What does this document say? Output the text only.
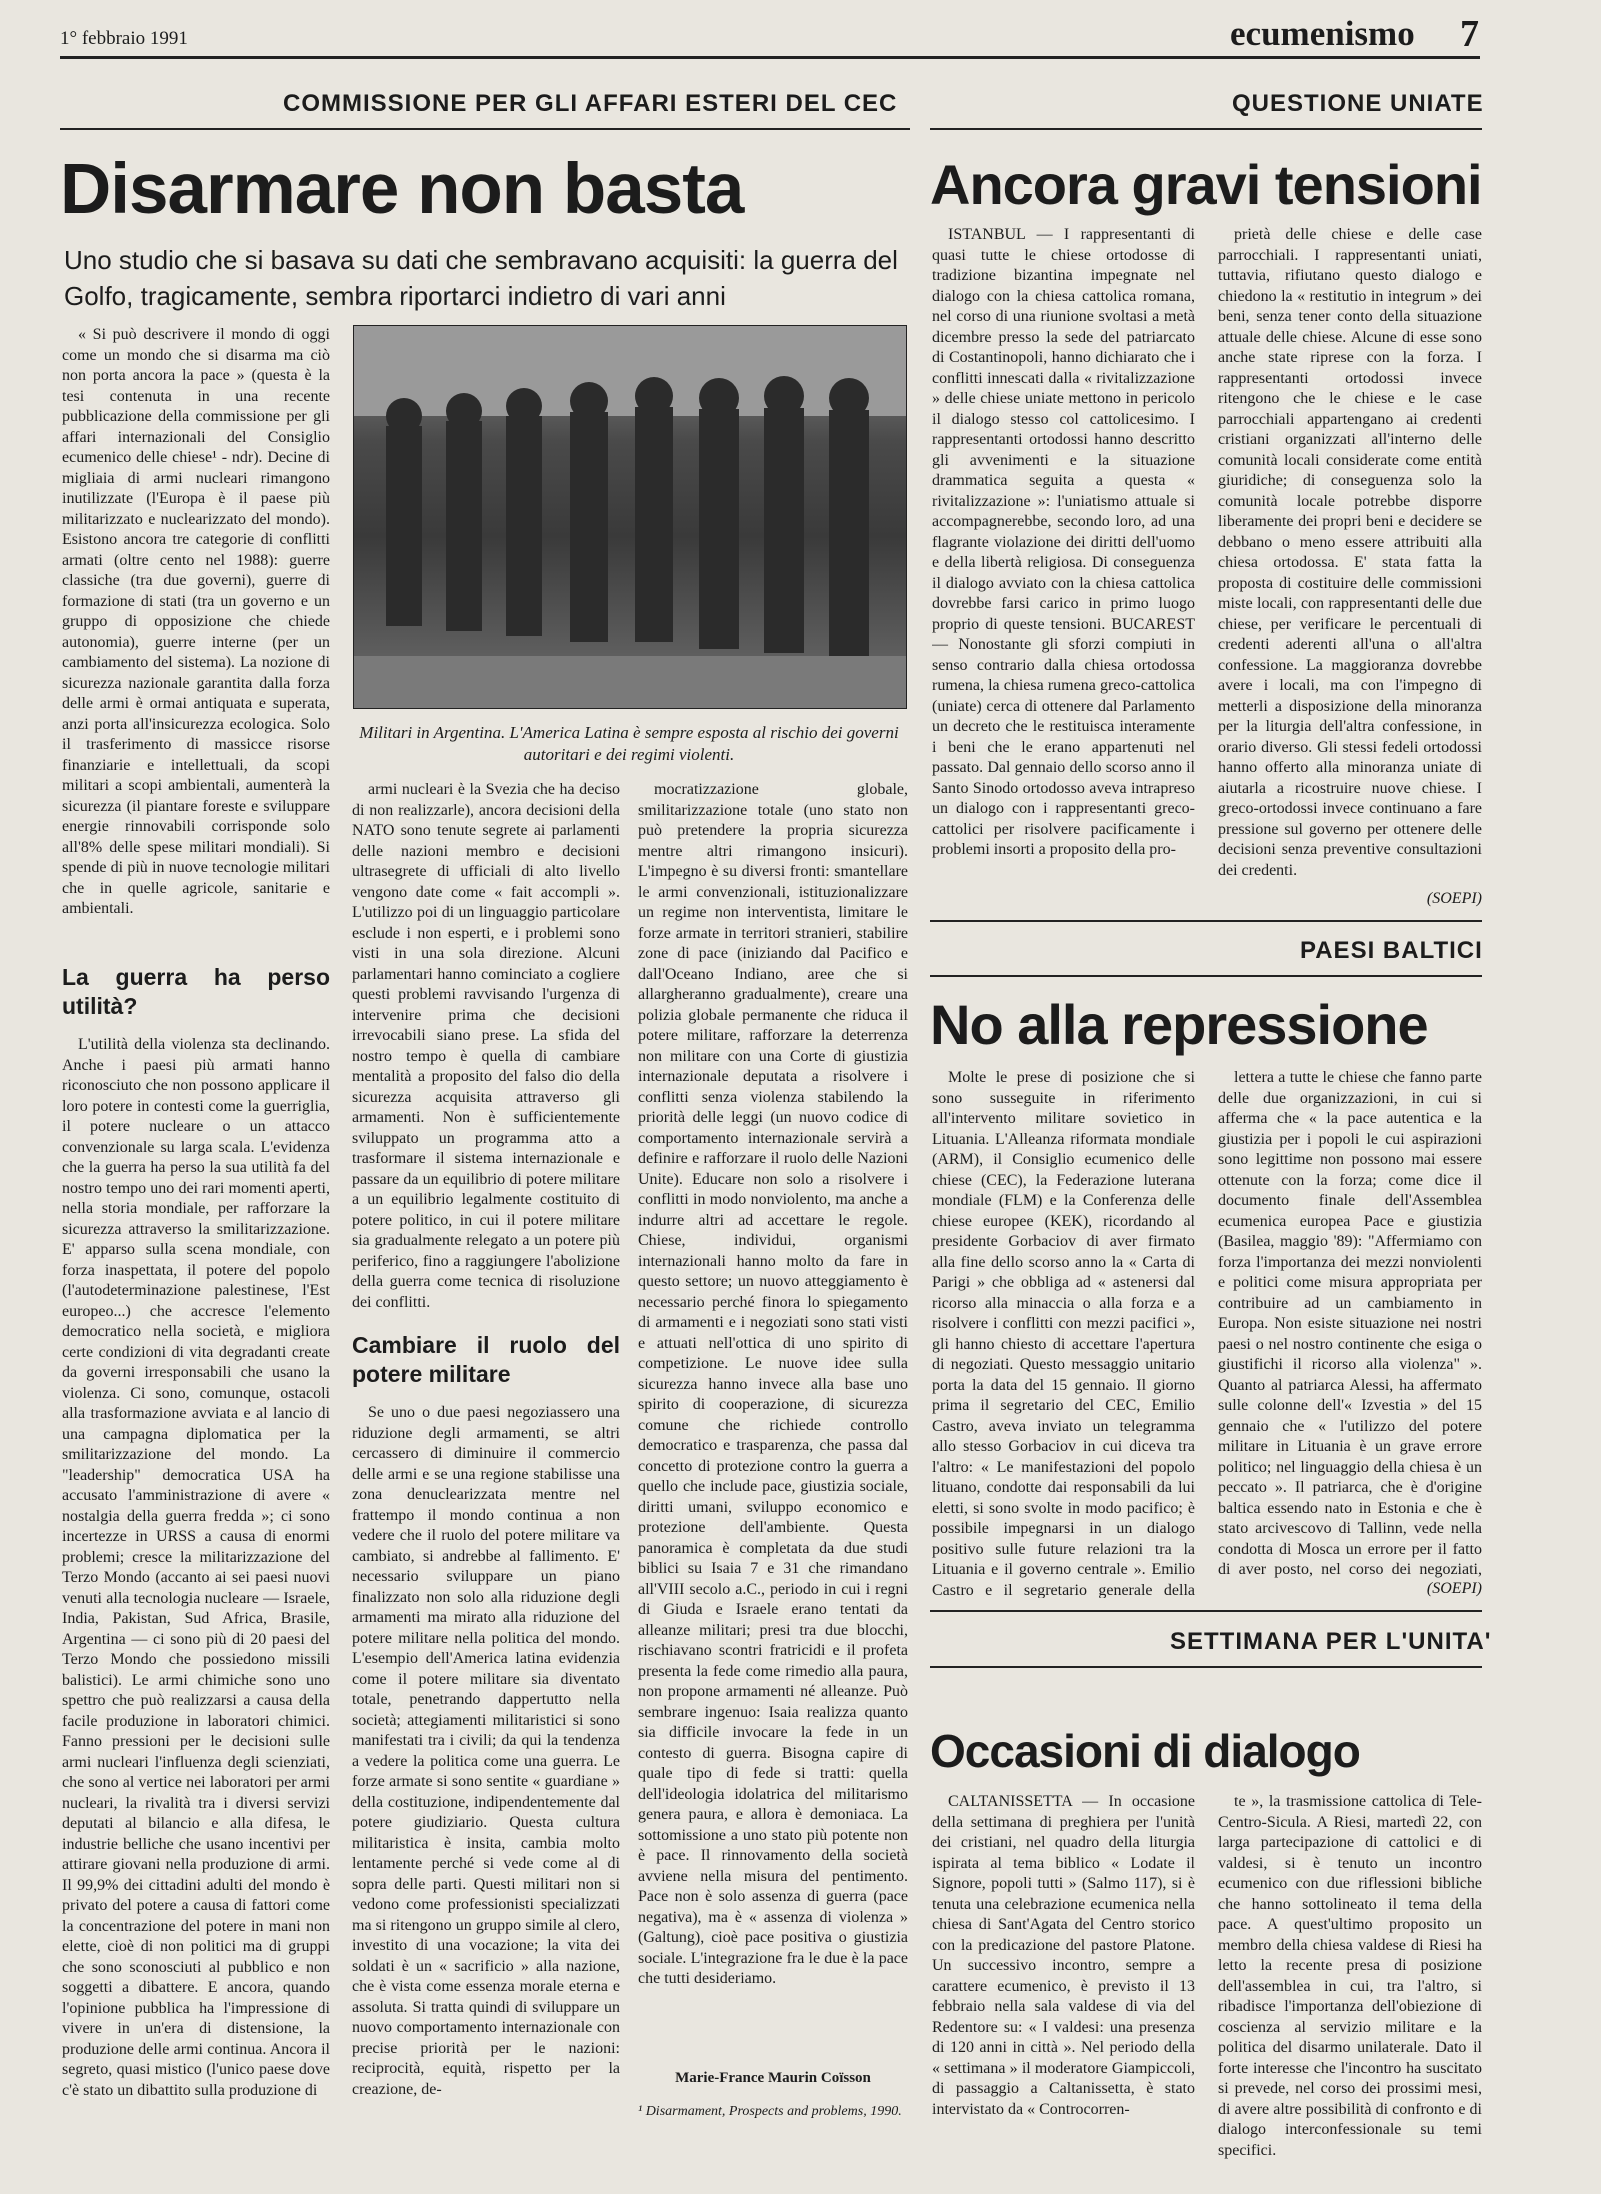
1° febbraio 1991	ecumenismo 7
COMMISSIONE PER GLI AFFARI ESTERI DEL CEC
Disarmare non basta
Uno studio che si basava su dati che sembravano acquisiti: la guerra del Golfo, tragicamente, sembra riportarci indietro di vari anni

« Si può descrivere il mondo di oggi come un mondo che si disarma ma ciò non porta ancora la pace » (questa è la tesi contenuta in una recente pubblicazione della commissione per gli affari internazionali del Consiglio ecumenico delle chiese¹ - ndr). Decine di migliaia di armi nucleari rimangono inutilizzate (l'Europa è il paese più militarizzato e nuclearizzato del mondo). Esistono ancora tre categorie di conflitti armati (oltre cento nel 1988): guerre classiche (tra due governi), guerre di formazione di stati (tra un governo e un gruppo di opposizione che chiede autonomia), guerre interne (per un cambiamento del sistema). La nozione di sicurezza nazionale garantita dalla forza delle armi è ormai antiquata e superata, anzi porta all'insicurezza ecologica. Solo il trasferimento di massicce risorse finanziarie e intellettuali, da scopi militari a scopi ambientali, aumenterà la sicurezza (il piantare foreste e sviluppare energie rinnovabili corrisponde solo all'8% delle spese militari mondiali). Si spende di più in nuove tecnologie militari che in quelle agricole, sanitarie e ambientali.

Militari in Argentina. L'America Latina è sempre esposta al rischio dei governi autoritari e dei regimi violenti.
La guerra ha perso utilità?

L'utilità della violenza sta declinando. Anche i paesi più armati hanno riconosciuto che non possono applicare il loro potere in contesti come la guerriglia, il potere nucleare o un attacco convenzionale su larga scala. L'evidenza che la guerra ha perso la sua utilità fa del nostro tempo uno dei rari momenti aperti, nella storia mondiale, per rafforzare la sicurezza attraverso la smilitarizzazione. E' apparso sulla scena mondiale, con forza inaspettata, il potere del popolo (l'autodeterminazione palestinese, l'Est europeo...) che accresce l'elemento democratico nella società, e migliora certe condizioni di vita degradanti create da governi irresponsabili che usano la violenza. Ci sono, comunque, ostacoli alla trasformazione avviata e al lancio di una campagna diplomatica per la smilitarizzazione del mondo. La "leadership" democratica USA ha accusato l'amministrazione di avere « nostalgia della guerra fredda »; ci sono incertezze in URSS a causa di enormi problemi; cresce la militarizzazione del Terzo Mondo (accanto ai sei paesi nuovi venuti alla tecnologia nucleare — Israele, India, Pakistan, Sud Africa, Brasile, Argentina — ci sono più di 20 paesi del Terzo Mondo che possiedono missili balistici). Le armi chimiche sono uno spettro che può realizzarsi a causa della facile produzione in laboratori chimici. Fanno pressioni per le decisioni sulle armi nucleari l'influenza degli scienziati, che sono al vertice nei laboratori per armi nucleari, la rivalità tra i diversi servizi deputati al bilancio e alla difesa, le industrie belliche che usano incentivi per attirare giovani nella produzione di armi. Il 99,9% dei cittadini adulti del mondo è privato del potere a causa di fattori come la concentrazione del potere in mani non elette, cioè di non politici ma di gruppi che sono sconosciuti al pubblico e non soggetti a dibattere. E ancora, quando l'opinione pubblica ha l'impressione di vivere in un'era di distensione, la produzione delle armi continua. Ancora il segreto, quasi mistico (l'unico paese dove c'è stato un dibattito sulla produzione di

armi nucleari è la Svezia che ha deciso di non realizzarle), ancora decisioni della NATO sono tenute segrete ai parlamenti delle nazioni membro e decisioni ultrasegrete di ufficiali di alto livello vengono date come « fait accompli ». L'utilizzo poi di un linguaggio particolare esclude i non esperti, e i problemi sono visti in una sola direzione. Alcuni parlamentari hanno cominciato a cogliere questi problemi ravvisando l'urgenza di intervenire prima che decisioni irrevocabili siano prese. La sfida del nostro tempo è quella di cambiare mentalità a proposito del falso dio della sicurezza acquisita attraverso gli armamenti. Non è sufficientemente sviluppato un programma atto a trasformare il sistema internazionale e passare da un equilibrio di potere militare a un equilibrio legalmente costituito di potere politico, in cui il potere militare sia gradualmente relegato a un potere più periferico, fino a raggiungere l'abolizione della guerra come tecnica di risoluzione dei conflitti.

Cambiare il ruolo del potere militare

Se uno o due paesi negoziassero una riduzione degli armamenti, se altri cercassero di diminuire il commercio delle armi e se una regione stabilisse una zona denuclearizzata mentre nel frattempo il mondo continua a non vedere che il ruolo del potere militare va cambiato, si andrebbe al fallimento. E' necessario sviluppare un piano finalizzato non solo alla riduzione degli armamenti ma mirato alla riduzione del potere militare nella politica del mondo. L'esempio dell'America latina evidenzia come il potere militare sia diventato totale, penetrando dappertutto nella società; attegiamenti militaristici si sono manifestati tra i civili; da qui la tendenza a vedere la politica come una guerra. Le forze armate si sono sentite « guardiane » della costituzione, indipendentemente dal potere giudiziario. Questa cultura militaristica è insita, cambia molto lentamente perché si vede come al di sopra delle parti. Questi militari non si vedono come professionisti specializzati ma si ritengono un gruppo simile al clero, investito di una vocazione; la vita dei soldati è un « sacrificio » alla nazione, che è vista come essenza morale eterna e assoluta. Si tratta quindi di sviluppare un nuovo comportamento internazionale con precise priorità per le nazioni: reciprocità, equità, rispetto per la creazione, de-

mocratizzazione globale, smilitarizzazione totale (uno stato non può pretendere la propria sicurezza mentre altri rimangono insicuri). L'impegno è su diversi fronti: smantellare le armi convenzionali, istituzionalizzare un regime non interventista, limitare le forze armate in territori stranieri, stabilire zone di pace (iniziando dal Pacifico e dall'Oceano Indiano, aree che si allargheranno gradualmente), creare una polizia globale permanente che riduca il potere militare, rafforzare la deterrenza non militare con una Corte di giustizia internazionale deputata a risolvere i conflitti senza violenza stabilendo la priorità delle leggi (un nuovo codice di comportamento internazionale servirà a definire e rafforzare il ruolo delle Nazioni Unite). Educare non solo a risolvere i conflitti in modo nonviolento, ma anche a indurre altri ad accettare le regole. Chiese, individui, organismi internazionali hanno molto da fare in questo settore; un nuovo atteggiamento è necessario perché finora lo spiegamento di armamenti e i negoziati sono stati visti e attuati nell'ottica di uno spirito di competizione. Le nuove idee sulla sicurezza hanno invece alla base uno spirito di cooperazione, di sicurezza comune che richiede controllo democratico e trasparenza, che passa dal concetto di protezione contro la guerra a quello che include pace, giustizia sociale, diritti umani, sviluppo economico e protezione dell'ambiente. Questa panoramica è completata da due studi biblici su Isaia 7 e 31 che rimandano all'VIII secolo a.C., periodo in cui i regni di Giuda e Israele erano tentati da alleanze militari; presi tra due blocchi, rischiavano scontri fratricidi e il profeta presenta la fede come rimedio alla paura, non propone armamenti né alleanze. Può sembrare ingenuo: Isaia realizza quanto sia difficile invocare la fede in un contesto di guerra. Bisogna capire di quale tipo di fede si tratti: quella dell'ideologia idolatrica del militarismo genera paura, e allora è demoniaca. La sottomissione a uno stato più potente non è pace. Il rinnovamento della società avviene nella misura del pentimento. Pace non è solo assenza di guerra (pace negativa), ma è « assenza di violenza » (Galtung), cioè pace positiva o giustizia sociale. L'integrazione fra le due è la pace che tutti desideriamo.

Marie-France Maurin Coïsson
¹ Disarmament, Prospects and problems, 1990.
QUESTIONE UNIATE
Ancora gravi tensioni

ISTANBUL — I rappresentanti di quasi tutte le chiese ortodosse di tradizione bizantina impegnate nel dialogo con la chiesa cattolica romana, nel corso di una riunione svoltasi a metà dicembre presso la sede del patriarcato di Costantinopoli, hanno dichiarato che i conflitti innescati dalla « rivitalizzazione » delle chiese uniate mettono in pericolo il dialogo stesso col cattolicesimo. I rappresentanti ortodossi hanno descritto gli avvenimenti e la situazione drammatica seguita a questa « rivitalizzazione »: l'uniatismo attuale si accompagnerebbe, secondo loro, ad una flagrante violazione dei diritti dell'uomo e della libertà religiosa. Di conseguenza il dialogo avviato con la chiesa cattolica dovrebbe farsi carico in primo luogo proprio di queste tensioni. BUCAREST — Nonostante gli sforzi compiuti in senso contrario dalla chiesa ortodossa rumena, la chiesa rumena greco-cattolica (uniate) cerca di ottenere dal Parlamento un decreto che le restituisca interamente i beni che le erano appartenuti nel passato. Dal gennaio dello scorso anno il Santo Sinodo ortodosso aveva intrapreso un dialogo con i rappresentanti greco-cattolici per risolvere pacificamente i problemi insorti a proposito della pro-

prietà delle chiese e delle case parrocchiali. I rappresentanti uniati, tuttavia, rifiutano questo dialogo e chiedono la « restitutio in integrum » dei beni, senza tener conto della situazione attuale delle chiese. Alcune di esse sono anche state riprese con la forza. I rappresentanti ortodossi invece ritengono che le chiese e le case parrocchiali appartengano ai credenti cristiani organizzati all'interno delle comunità locali considerate come entità giuridiche; di conseguenza solo la comunità locale potrebbe disporre liberamente dei propri beni e decidere se debbano o meno essere attribuiti alla chiesa ortodossa. E' stata fatta la proposta di costituire delle commissioni miste locali, con rappresentanti delle due chiese, per verificare le percentuali di credenti aderenti all'una o all'altra confessione. La maggioranza dovrebbe avere i locali, ma con l'impegno di metterli a disposizione della minoranza per la liturgia dell'altra confessione, in orario diverso. Gli stessi fedeli ortodossi hanno offerto alla minoranza uniate di aiutarla a ricostruire nuove chiese. I greco-ortodossi invece continuano a fare pressione sul governo per ottenere delle decisioni senza preventive consultazioni dei credenti.

(SOEPI)
PAESI BALTICI
No alla repressione

Molte le prese di posizione che si sono susseguite in riferimento all'intervento militare sovietico in Lituania. L'Alleanza riformata mondiale (ARM), il Consiglio ecumenico delle chiese (CEC), la Federazione luterana mondiale (FLM) e la Conferenza delle chiese europee (KEK), ricordando al presidente Gorbaciov di aver firmato alla fine dello scorso anno la « Carta di Parigi » che obbliga ad « astenersi dal ricorso alla minaccia o alla forza e a risolvere i conflitti con mezzi pacifici », gli hanno chiesto di accettare l'apertura di negoziati. Questo messaggio unitario porta la data del 15 gennaio. Il giorno prima il segretario del CEC, Emilio Castro, aveva inviato un telegramma allo stesso Gorbaciov in cui diceva tra l'altro: « Le manifestazioni del popolo lituano, condotte dai responsabili da lui eletti, si sono svolte in modo pacifico; è possibile impegnarsi in un dialogo positivo sulle future relazioni tra la Lituania e il governo centrale ». Emilio Castro e il segretario generale della

lettera a tutte le chiese che fanno parte delle due organizzazioni, in cui si afferma che « la pace autentica e la giustizia per i popoli le cui aspirazioni sono legittime non possono mai essere ottenute con la forza; come dice il documento finale dell'Assemblea ecumenica europea Pace e giustizia (Basilea, maggio '89): "Affermiamo con forza l'importanza dei mezzi nonviolenti e politici come misura appropriata per contribuire ad un cambiamento in Europa. Non esiste situazione nei nostri paesi o nel nostro continente che esiga o giustifichi il ricorso alla violenza" ». Quanto al patriarca Alessi, ha affermato sulle colonne dell'« Izvestia » del 15 gennaio che « l'utilizzo del potere militare in Lituania è un grave errore politico; nel linguaggio della chiesa è un peccato ». Il patriarca, che è d'origine baltica essendo nato in Estonia e che è stato arcivescovo di Tallinn, vede nella condotta di Mosca un errore per il fatto di aver posto, nel corso dei negoziati,

(SOEPI)
SETTIMANA PER L'UNITA'
Occasioni di dialogo

CALTANISSETTA — In occasione della settimana di preghiera per l'unità dei cristiani, nel quadro della liturgia ispirata al tema biblico « Lodate il Signore, popoli tutti » (Salmo 117), si è tenuta una celebrazione ecumenica nella chiesa di Sant'Agata del Centro storico con la predicazione del pastore Platone. Un successivo incontro, sempre a carattere ecumenico, è previsto il 13 febbraio nella sala valdese di via del Redentore su: « I valdesi: una presenza di 120 anni in città ». Nel periodo della « settimana » il moderatore Giampiccoli, di passaggio a Caltanissetta, è stato intervistato da « Controcorren-

te », la trasmissione cattolica di Tele-Centro-Sicula. A Riesi, martedì 22, con larga partecipazione di cattolici e di valdesi, si è tenuto un incontro ecumenico con due riflessioni bibliche che hanno sottolineato il tema della pace. A quest'ultimo proposito un membro della chiesa valdese di Riesi ha letto la recente presa di posizione dell'assemblea in cui, tra l'altro, si ribadisce l'importanza dell'obiezione di coscienza al servizio militare e la politica del disarmo unilaterale. Dato il forte interesse che l'incontro ha suscitato si prevede, nel corso dei prossimi mesi, di avere altre possibilità di confronto e di dialogo interconfessionale su temi specifici.
